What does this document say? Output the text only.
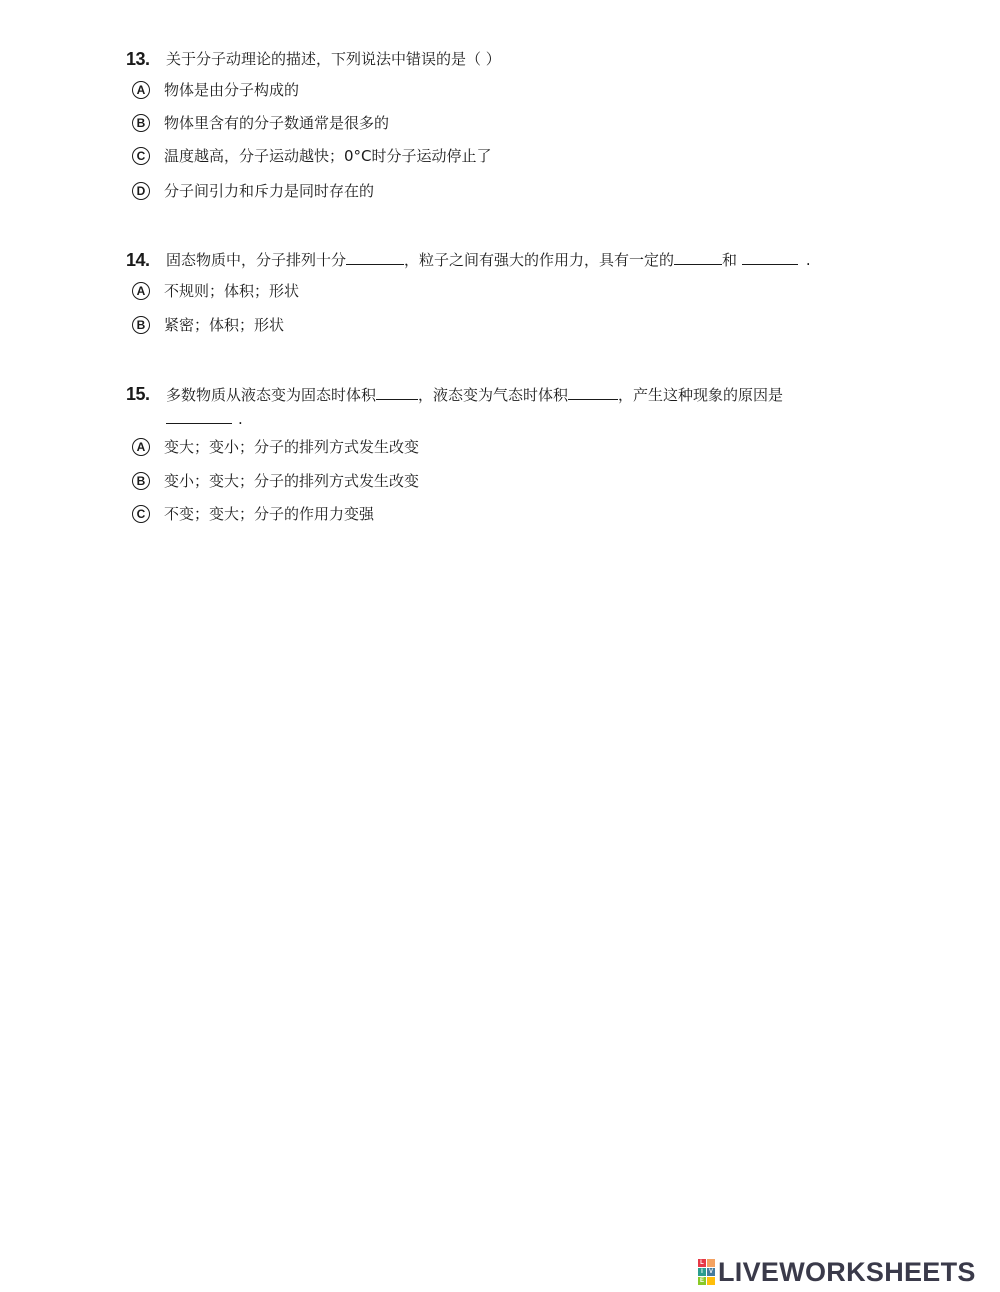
13. 关于分子动理论的描述，下列说法中错误的是（ ）
A	物体是由分子构成的
B	物体里含有的分子数通常是很多的
C	温度越高，分子运动越快；0°C时分子运动停止了
D	分子间引力和斥力是同时存在的
14. 固态物质中，分子排列十分	，粒子之间有强大的作用力，具有一定的	和	.
A	不规则；体积；形状
B	紧密；体积；形状
15. 多数物质从液态变为固态时体积	，液态变为气态时体积	，产生这种现象的原因是
.
A	变大；变小；分子的排列方式发生改变
B	变小；变大；分子的排列方式发生改变
C	不变；变大；分子的作用力变强
L
I	V
E LIVEWORKSHEETS
